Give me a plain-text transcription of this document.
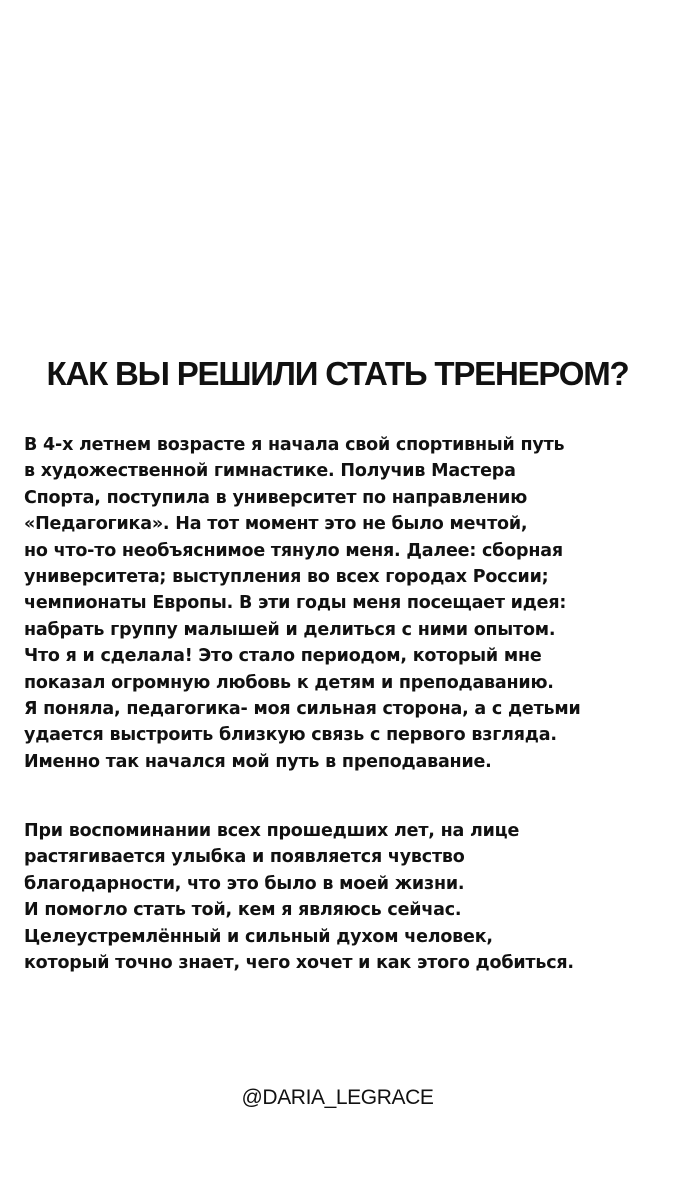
КАК ВЫ РЕШИЛИ СТАТЬ ТРЕНЕРОМ?

В 4-х летнем возрасте я начала свой спортивный путь
в художественной гимнастике. Получив Мастера
Спорта, поступила в университет по направлению
«Педагогика». На тот момент это не было мечтой,
но что-то необъяснимое тянуло меня. Далее: сборная
университета; выступления во всех городах России;
чемпионаты Европы. В эти годы меня посещает идея:
набрать группу малышей и делиться с ними опытом.
Что я и сделала! Это стало периодом, который мне
показал огромную любовь к детям и преподаванию.
Я поняла, педагогика- моя сильная сторона, а с детьми
удается выстроить близкую связь с первого взгляда.
Именно так начался мой путь в преподавание.

При воспоминании всех прошедших лет, на лице
растягивается улыбка и появляется чувство
благодарности, что это было в моей жизни.
И помогло стать той, кем я являюсь сейчас.
Целеустремлённый и сильный духом человек,
который точно знает, чего хочет и как этого добиться.

@DARIA_LEGRACE
